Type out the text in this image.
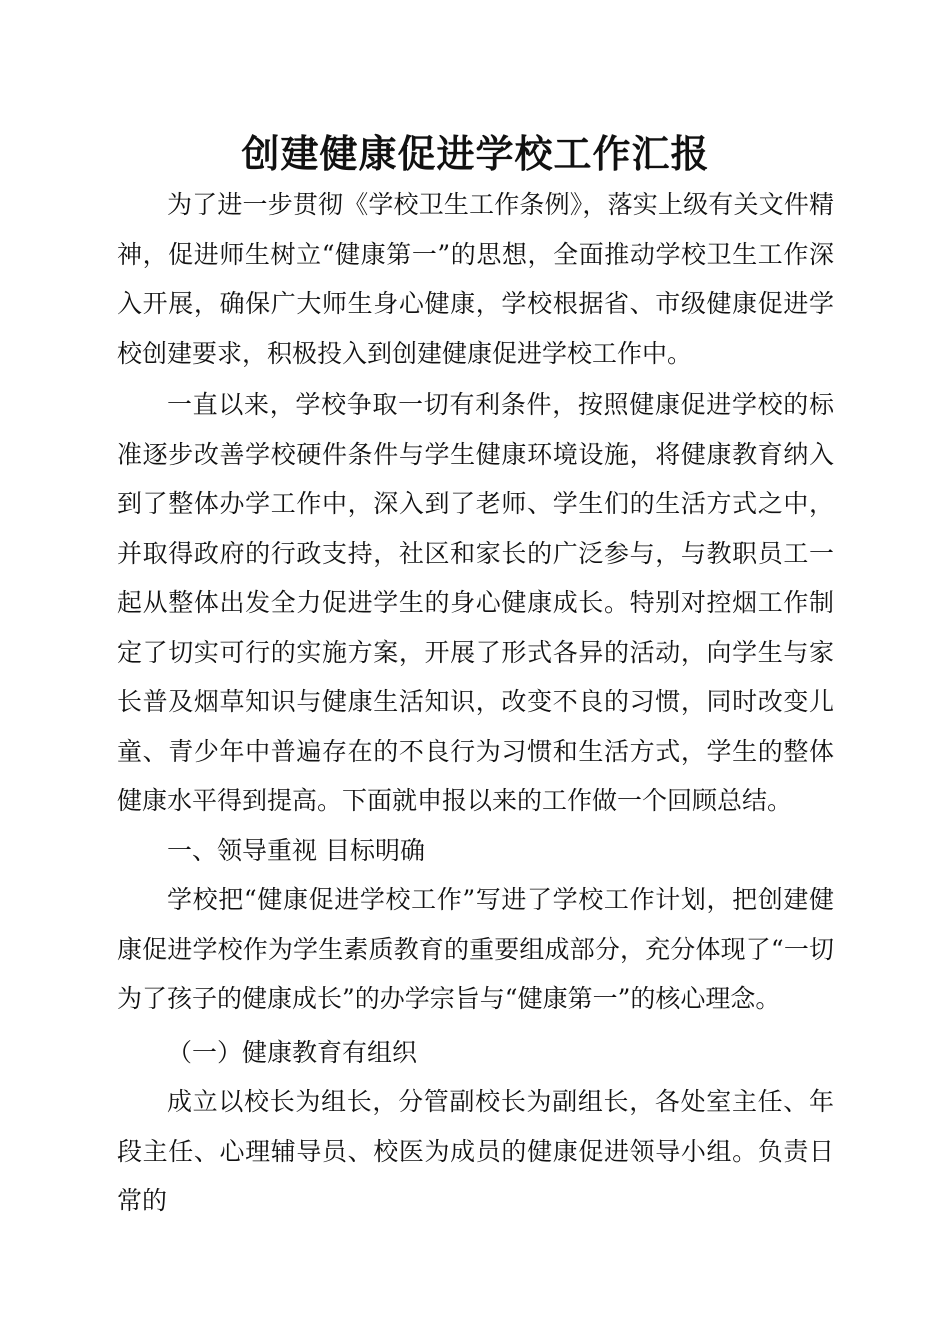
创建健康促进学校工作汇报

为了进一步贯彻《学校卫生工作条例》，落实上级有关文件精神，促进师生树立“健康第一”的思想，全面推动学校卫生工作深入开展，确保广大师生身心健康，学校根据省、市级健康促进学校创建要求，积极投入到创建健康促进学校工作中。

一直以来，学校争取一切有利条件，按照健康促进学校的标准逐步改善学校硬件条件与学生健康环境设施，将健康教育纳入到了整体办学工作中，深入到了老师、学生们的生活方式之中，并取得政府的行政支持，社区和家长的广泛参与，与教职员工一起从整体出发全力促进学生的身心健康成长。特别对控烟工作制定了切实可行的实施方案，开展了形式各异的活动，向学生与家长普及烟草知识与健康生活知识，改变不良的习惯，同时改变儿童、青少年中普遍存在的不良行为习惯和生活方式，学生的整体健康水平得到提高。下面就申报以来的工作做一个回顾总结。

一、领导重视 目标明确

学校把“健康促进学校工作”写进了学校工作计划，把创建健康促进学校作为学生素质教育的重要组成部分，充分体现了“一切为了孩子的健康成长”的办学宗旨与“健康第一”的核心理念。

（一）健康教育有组织

成立以校长为组长，分管副校长为副组长，各处室主任、年段主任、心理辅导员、校医为成员的健康促进领导小组。负责日常的
